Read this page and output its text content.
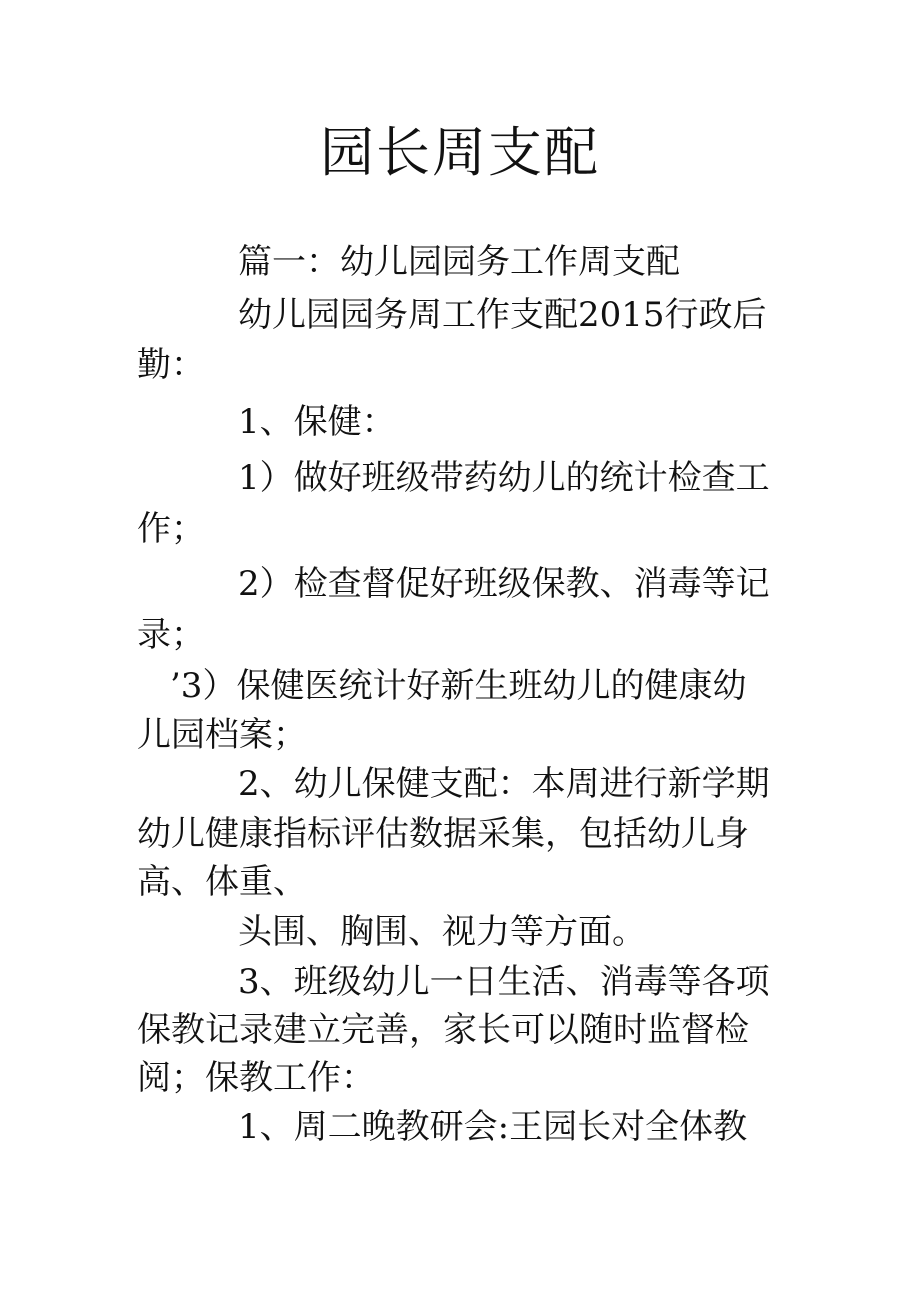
园长周支配
篇一：幼儿园园务工作周支配
幼儿园园务周工作支配2015行政后
勤：
1、保健：
1）做好班级带药幼儿的统计检查工
作；
2）检查督促好班级保教、消毒等记
录；
’3）保健医统计好新生班幼儿的健康幼
儿园档案；
2、幼儿保健支配：本周进行新学期
幼儿健康指标评估数据采集，包括幼儿身
高、体重、
头围、胸围、视力等方面。
3、班级幼儿一日生活、消毒等各项
保教记录建立完善，家长可以随时监督检
阅；保教工作：
1、周二晚教研会:王园长对全体教
